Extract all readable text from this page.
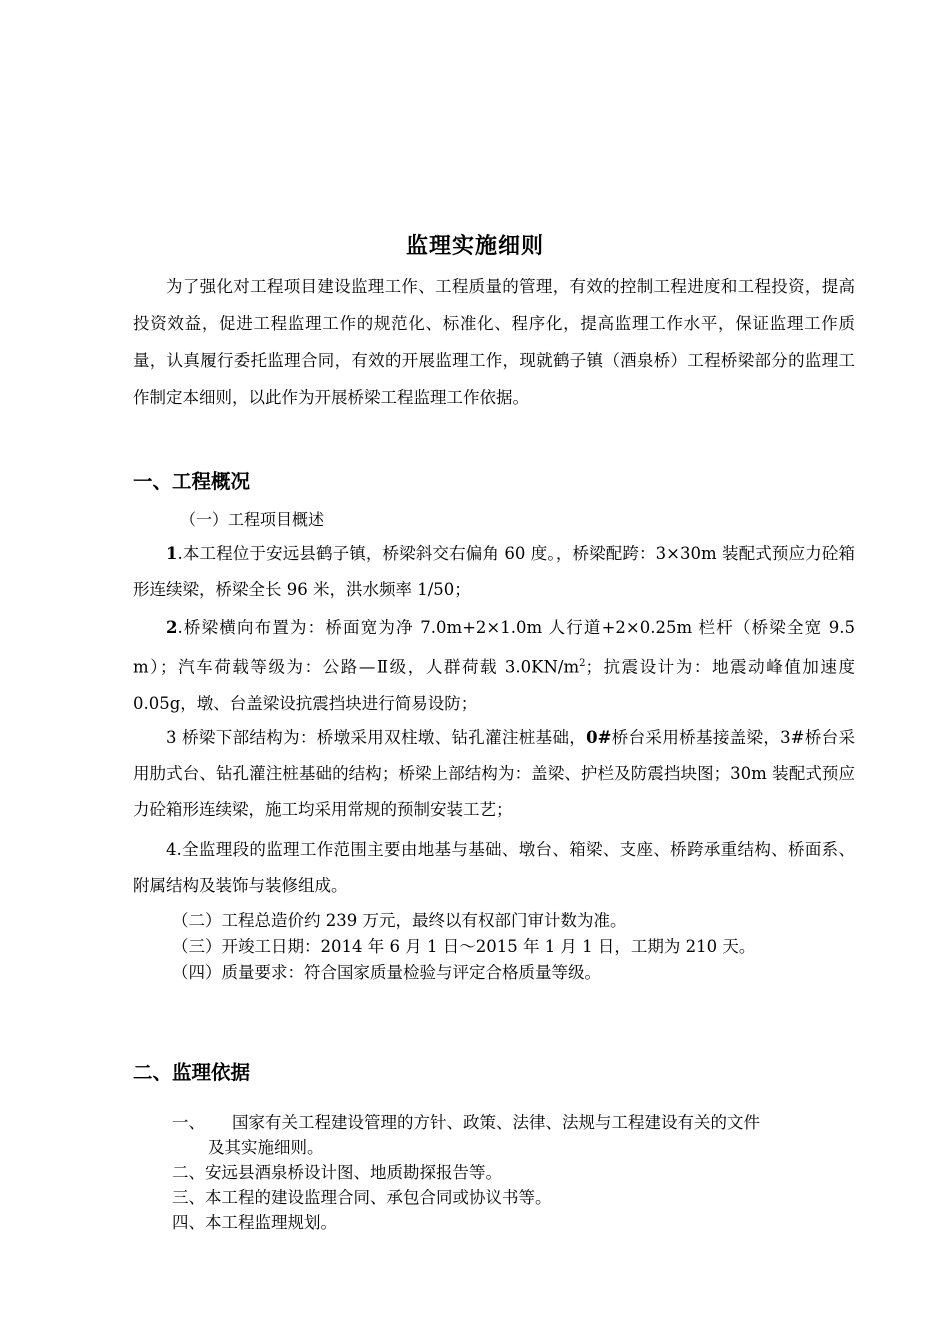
监理实施细则

为了强化对工程项目建设监理工作、工程质量的管理，有效的控制工程进度和工程投资，提高投资效益，促进工程监理工作的规范化、标准化、程序化，提高监理工作水平，保证监理工作质量，认真履行委托监理合同，有效的开展监理工作，现就鹤子镇（酒泉桥）工程桥梁部分的监理工作制定本细则，以此作为开展桥梁工程监理工作依据。

一、工程概况
（一）工程项目概述

1.本工程位于安远县鹤子镇，桥梁斜交右偏角 60 度。，桥梁配跨：3×30m 装配式预应力砼箱形连续梁，桥梁全长 96 米，洪水频率 1/50；

2.桥梁横向布置为：桥面宽为净 7.0m+2×1.0m 人行道+2×0.25m 栏杆（桥梁全宽 9.5 m）；汽车荷载等级为：公路—Ⅱ级，人群荷载 $3.0KN/m^2$；抗震设计为：地震动峰值加速度 0.05g，墩、台盖梁设抗震挡块进行简易设防；

3 桥梁下部结构为：桥墩采用双柱墩、钻孔灌注桩基础，0#桥台采用桥基接盖梁，3#桥台采用肋式台、钻孔灌注桩基础的结构；桥梁上部结构为：盖梁、护栏及防震挡块图；30m 装配式预应力砼箱形连续梁，施工均采用常规的预制安装工艺；

4.全监理段的监理工作范围主要由地基与基础、墩台、箱梁、支座、桥跨承重结构、桥面系、附属结构及装饰与装修组成。

（二）工程总造价约 239 万元，最终以有权部门审计数为准。

（三）开竣工日期：2014 年 6 月 1 日～2015 年 1 月 1 日，工期为 210 天。

（四）质量要求：符合国家质量检验与评定合格质量等级。

二、监理依据

一、 国家有关工程建设管理的方针、政策、法律、法规与工程建设有关的文件

及其实施细则。

二、安远县酒泉桥设计图、地质勘探报告等。

三、本工程的建设监理合同、承包合同或协议书等。

四、本工程监理规划。
